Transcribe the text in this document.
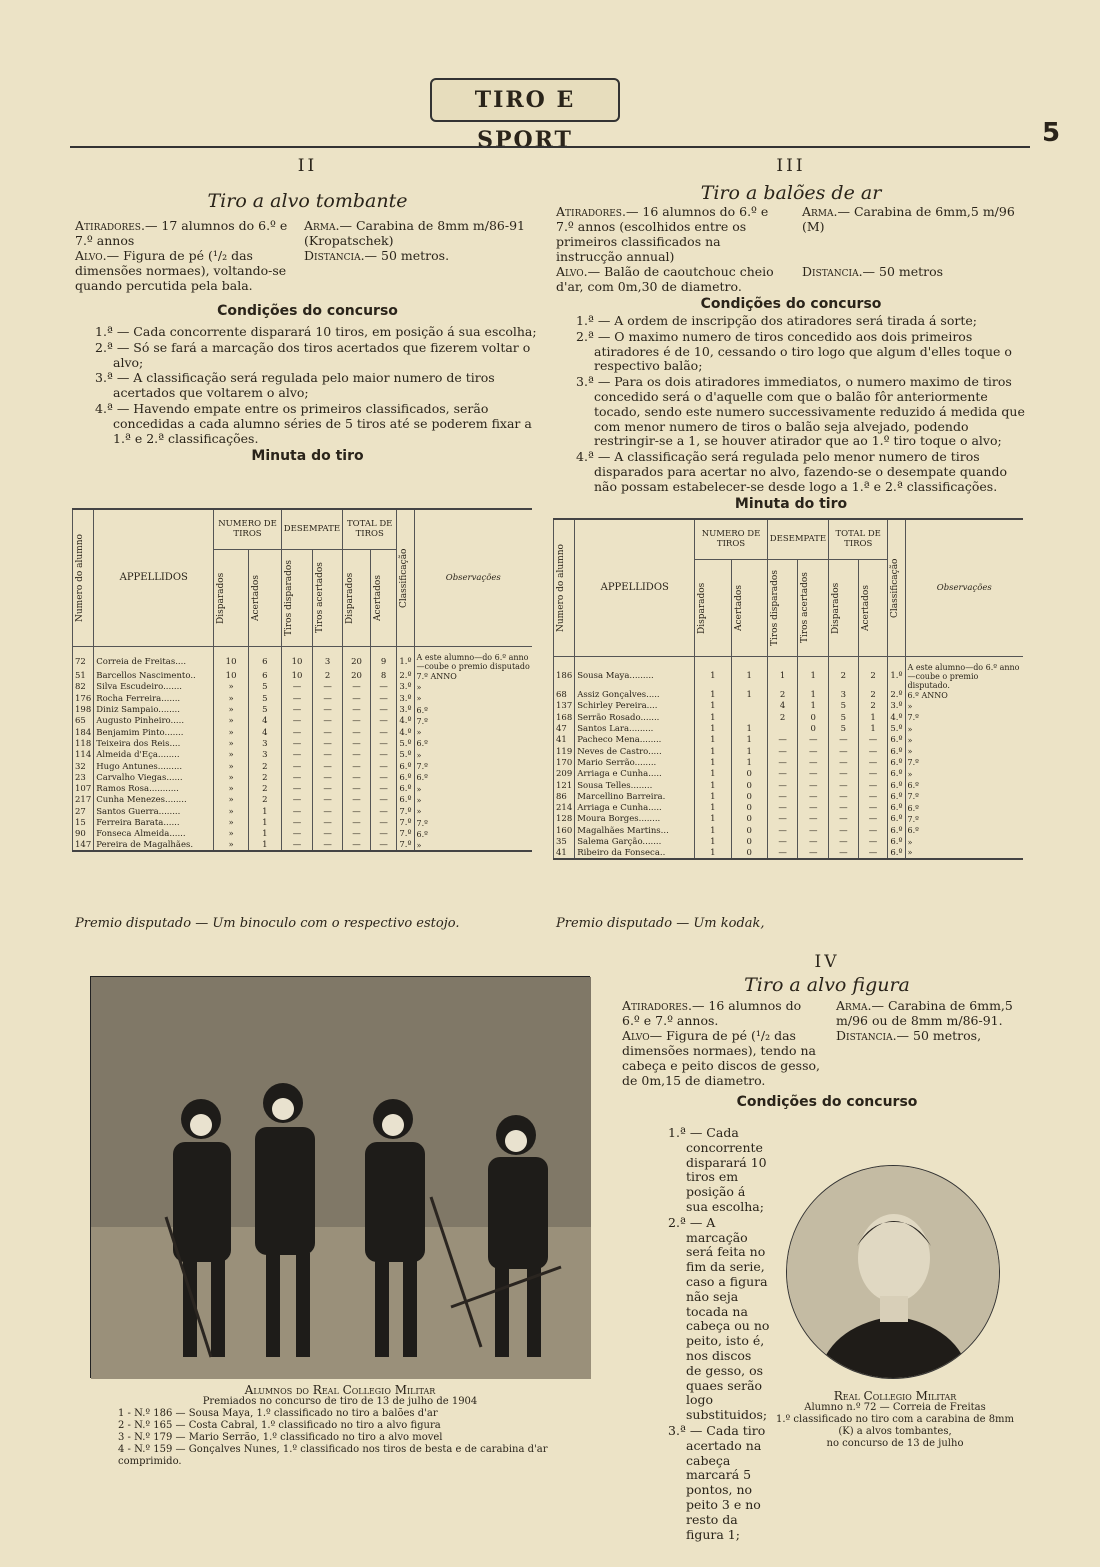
TIRO E SPORT	5
II
Tiro a alvo tombante
Atiradores.— 17 alumnos do 6.º e 7.º annos
Alvo.— Figura de pé (¹/₂ das dimensões normaes), voltando-se quando percutida pela bala.
Arma.— Carabina de 8mm m/86-91 (Kropatschek)
Distancia.— 50 metros.
Condições do concurso

1.ª — Cada concorrente disparará 10 tiros, em posição á sua escolha;

2.ª — Só se fará a marcação dos tiros acertados que fizerem voltar o alvo;

3.ª — A classificação será regulada pelo maior numero de tiros acertados que voltarem o alvo;

4.ª — Havendo empate entre os primeiros classificados, serão concedidas a cada alumno séries de 5 tiros até se poderem fixar a 1.ª e 2.ª classificações.

Minuta do tiro
III
Tiro a balões de ar
Atiradores.— 16 alumnos do 6.º e 7.º annos (escolhidos entre os primeiros classificados na instrucção annual)
Alvo.— Balão de caoutchouc cheio d'ar, com 0m,30 de diametro.
Arma.— Carabina de 6mm,5 m/96 (M)

Distancia.— 50 metros
Condições do concurso

1.ª — A ordem de inscripção dos atiradores será tirada á sorte;

2.ª — O maximo numero de tiros concedido aos dois primeiros atiradores é de 10, cessando o tiro logo que algum d'elles toque o respectivo balão;

3.ª — Para os dois atiradores immediatos, o numero maximo de tiros concedido será o d'aquelle com que o balão fôr anteriormente tocado, sendo este numero successivamente reduzido á medida que com menor numero de tiros o balão seja alvejado, podendo restringir-se a 1, se houver atirador que ao 1.º tiro toque o alvo;

4.ª — A classificação será regulada pelo menor numero de tiros disparados para acertar no alvo, fazendo-se o desempate quando não possam estabelecer-se desde logo a 1.ª e 2.ª classificações.

Minuta do tiro
Numero do alumno	APPELLIDOS	NUMERO DE TIROS		DESEMPATE		TOTAL DE TIROS		Classificação	Observações

		Disparados	Acertados	Tiros disparados	Tiros acertados	Disparados	Acertados		

72	Correia de Freitas....	10	6	10	3	20	9	1.º	A este alumno—do 6.º anno—coube o premio disputado
51	Barcellos Nascimento..	10	6	10	2	20	8	2.º	7.º ANNO
82	Silva Escudeiro.......	»	5	—	—	—	—	3.º	»
176	Rocha Ferreira.......	»	5	—	—	—	—	3.º	»
198	Diniz Sampaio........	»	5	—	—	—	—	3.º	6.º
65	Augusto Pinheiro.....	»	4	—	—	—	—	4.º	7.º
184	Benjamim Pinto.......	»	4	—	—	—	—	4.º	»
118	Teixeira dos Reis....	»	3	—	—	—	—	5.º	6.º
114	Almeida d'Eça........	»	3	—	—	—	—	5.º	»
32	Hugo Antunes.........	»	2	—	—	—	—	6.º	7.º
23	Carvalho Viegas......	»	2	—	—	—	—	6.º	6.º
107	Ramos Rosa...........	»	2	—	—	—	—	6.º	»
217	Cunha Menezes........	»	2	—	—	—	—	6.º	»
27	Santos Guerra........	»	1	—	—	—	—	7.º	»
15	Ferreira Barata......	»	1	—	—	—	—	7.º	7.º
90	Fonseca Almeida......	»	1	—	—	—	—	7.º	6.º
147	Pereira de Magalhães.	»	1	—	—	—	—	7.º	»
Numero do alumno	APPELLIDOS	NUMERO DE TIROS		DESEMPATE		TOTAL DE TIROS		Classificação	Observações

		Disparados	Acertados	Tiros disparados	Tiros acertados	Disparados	Acertados		

186	Sousa Maya.........	1	1	1	1	2	2	1.º	A este alumno—do 6.º anno—coube o premio disputado.
68	Assiz Gonçalves.....	1	1	2	1	3	2	2.º	6.º ANNO
137	Schirley Pereira....	1		4	1	5	2	3.º	»
168	Serrão Rosado.......	1		2	0	5	1	4.º	7.º
47	Santos Lara.........	1	1		0	5	1	5.º	»
41	Pacheco Mena........	1	1	—	—	—	—	6.º	»
119	Neves de Castro.....	1	1	—	—	—	—	6.º	»
170	Mario Serrão........	1	1	—	—	—	—	6.º	7.º
209	Arriaga e Cunha.....	1	0	—	—	—	—	6.º	»
121	Sousa Telles........	1	0	—	—	—	—	6.º	6.º
86	Marcellino Barreira.	1	0	—	—	—	—	6.º	7.º
214	Arriaga e Cunha.....	1	0	—	—	—	—	6.º	6.º
128	Moura Borges........	1	0	—	—	—	—	6.º	7.º
160	Magalhães Martins...	1	0	—	—	—	—	6.º	6.º
35	Salema Garção.......	1	0	—	—	—	—	6.º	»
41	Ribeiro da Fonseca..	1	0	—	—	—	—	6.º	»
Premio disputado — Um binoculo com o respectivo estojo.	Premio disputado — Um kodak,
Alumnos do Real Collegio Militar
Premiados no concurso de tiro de 13 de julho de 1904
1 - N.º 186 — Sousa Maya, 1.º classificado no tiro a balões d'ar
2 - N.º 165 — Costa Cabral, 1.º classificado no tiro a alvo figura
3 - N.º 179 — Mario Serrão, 1.º classificado no tiro a alvo movel
4 - N.º 159 — Gonçalves Nunes, 1.º classificado nos tiros de besta e de carabina d'ar comprimido.
IV
Tiro a alvo figura
Atiradores.— 16 alumnos do 6.º e 7.º annos.
Alvo— Figura de pé (¹/₂ das dimensões normaes), tendo na cabeça e peito discos de gesso, de 0m,15 de diametro.
Arma.— Carabina de 6mm,5 m/96 ou de 8mm m/86-91.
Distancia.— 50 metros,
Condições do concurso

1.ª — Cada concorrente disparará 10 tiros em posição á sua escolha;

2.ª — A marcação será feita no fim da serie, caso a figura não seja tocada na cabeça ou no peito, isto é, nos discos de gesso, os quaes serão logo substituidos;

3.ª — Cada tiro acertado na cabeça marcará 5 pontos, no peito 3 e no resto da figura 1;

Real Collegio Militar
Alumno n.º 72 — Correia de Freitas
1.º classificado no tiro com a carabina de 8mm
(K) a alvos tombantes,
no concurso de 13 de julho
